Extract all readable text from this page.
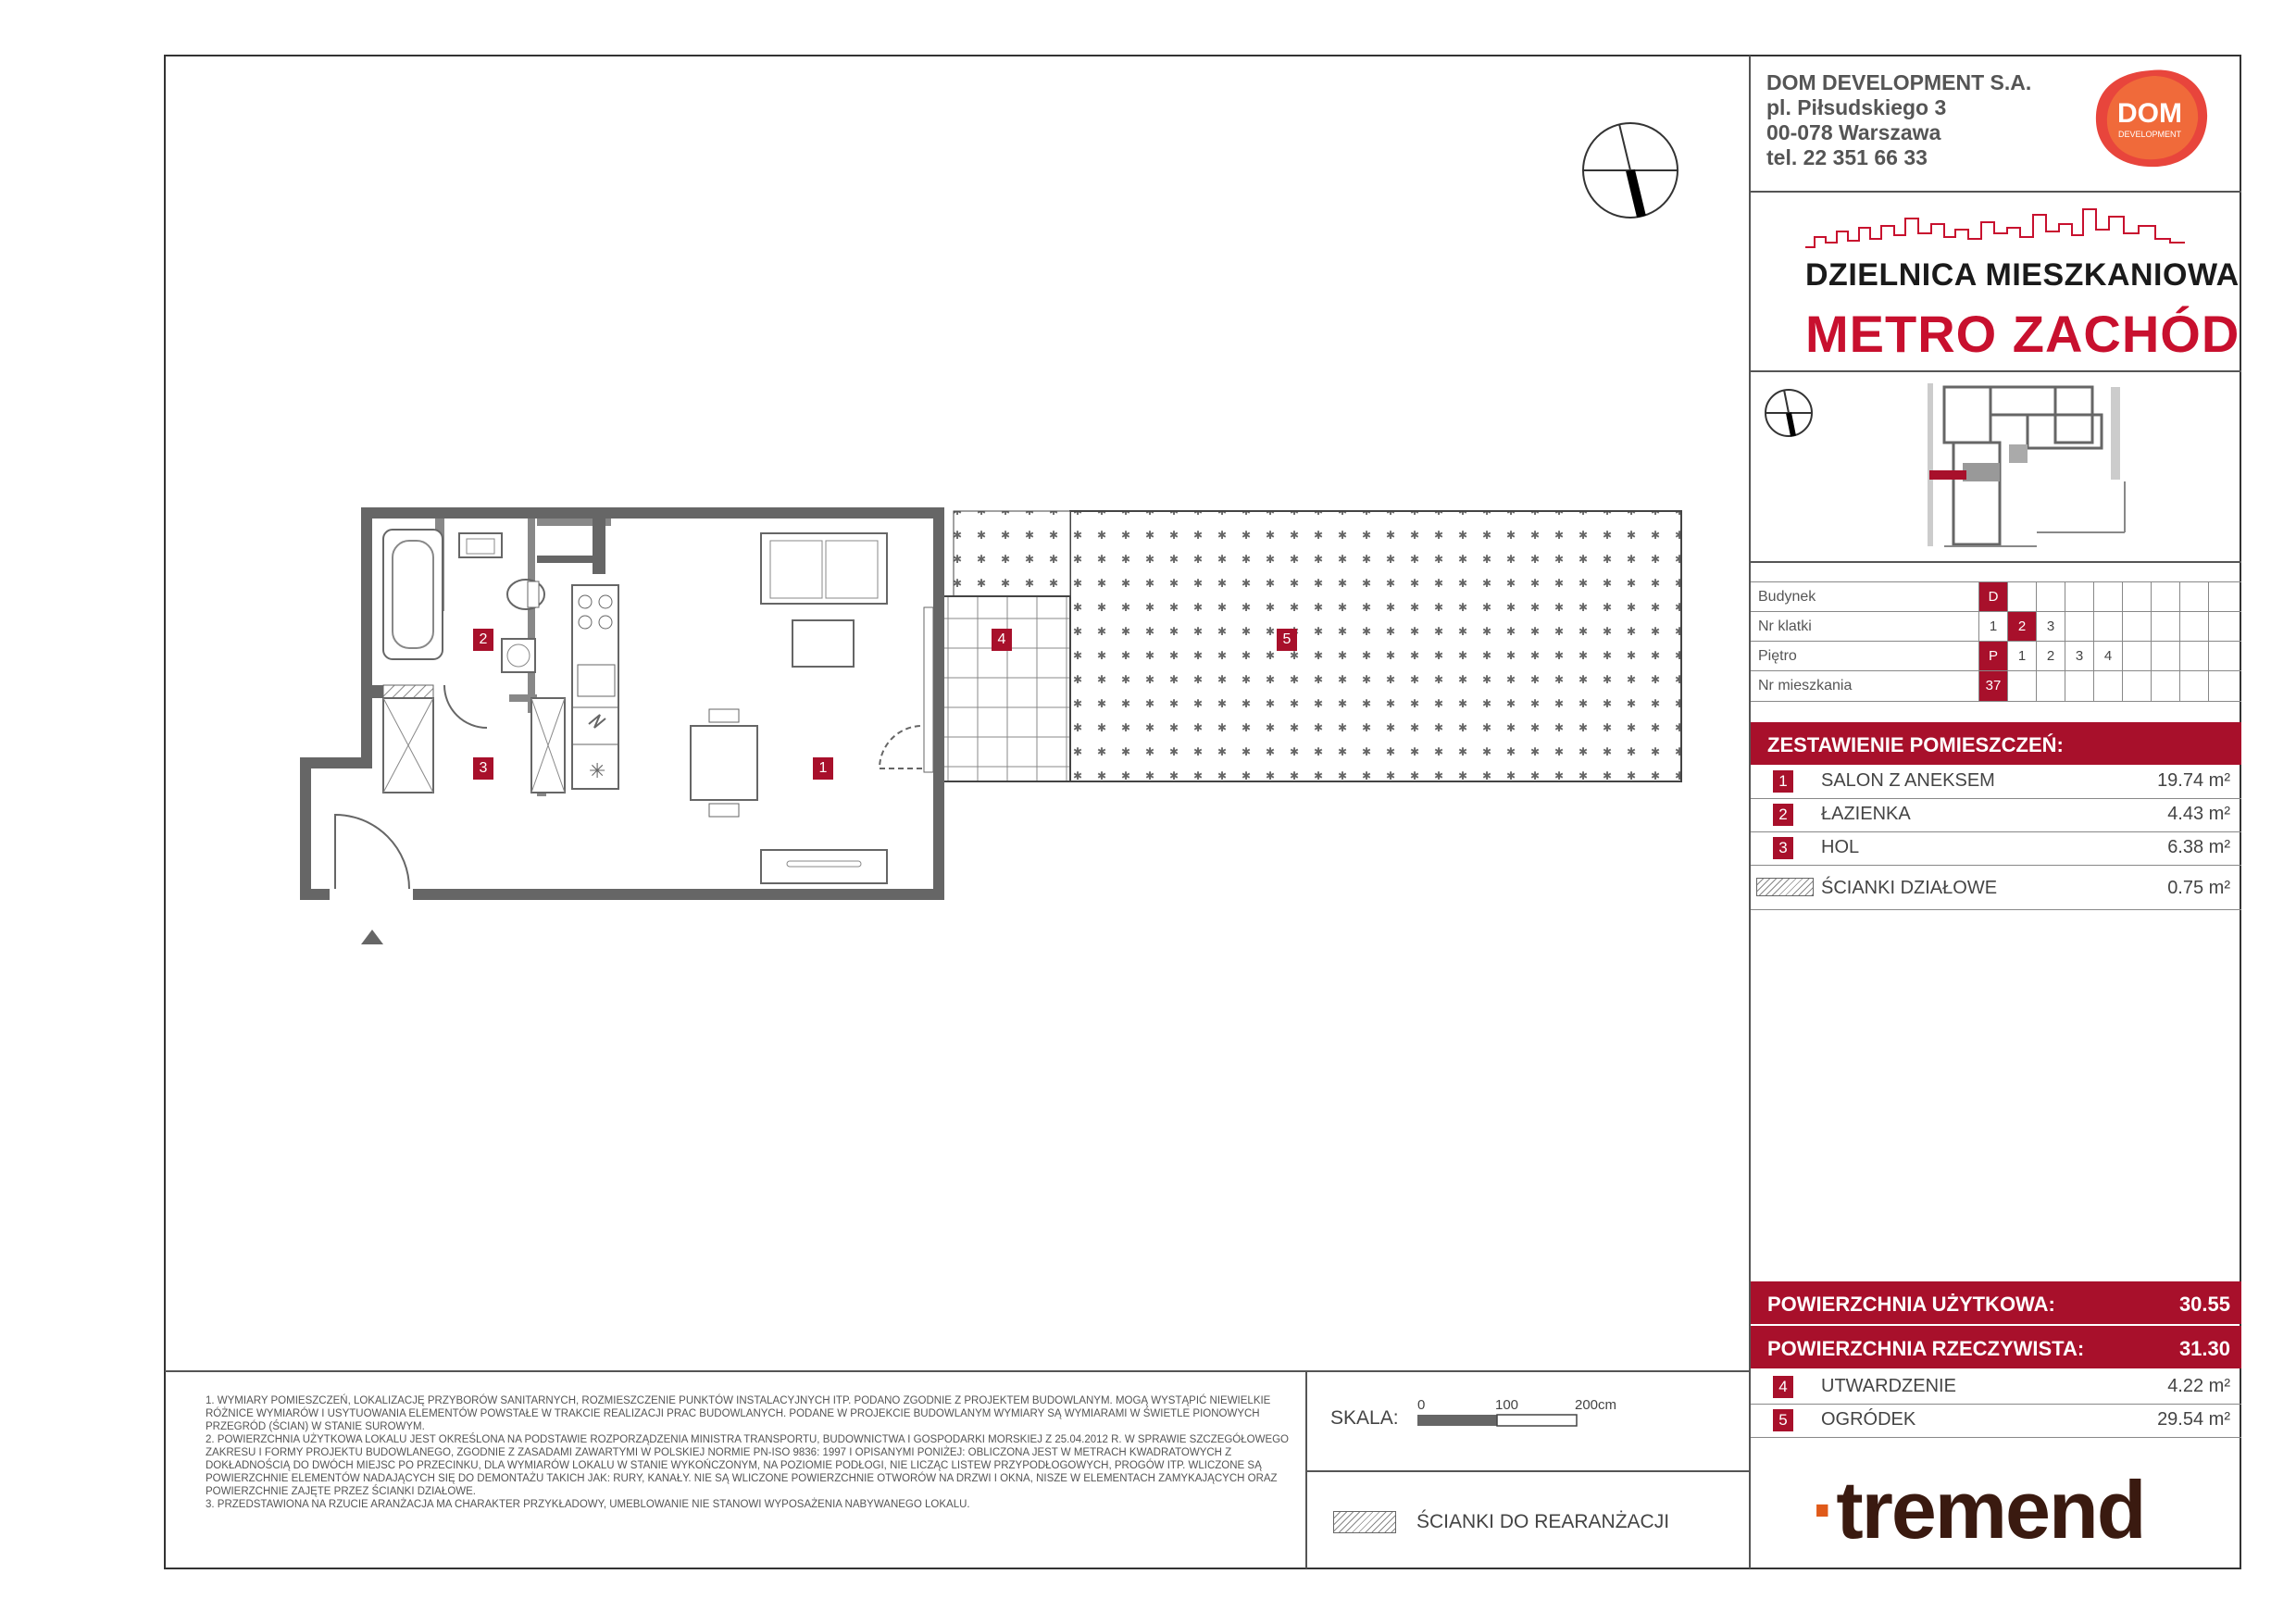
DOM DEVELOPMENT S.A.
pl. Piłsudskiego 3
00-078 Warszawa
tel. 22 351 66 33
DOM
DEVELOPMENT
DZIELNICA MIESZKANIOWA
METRO ZACHÓD
Budynek	D
Nr klatki	1	2	3
Piętro	P	1	2	3	4
Nr mieszkania	37
ZESTAWIENIE POMIESZCZEŃ:
1	SALON Z ANEKSEM	19.74 m²
2	ŁAZIENKA	4.43 m²
3	HOL	6.38 m²
ŚCIANKI DZIAŁOWE	0.75 m²
POWIERZCHNIA UŻYTKOWA:	30.55
POWIERZCHNIA RZECZYWISTA:	31.30
4	UTWARDZENIE	4.22 m²
5	OGRÓDEK	29.54 m²
·tremend

1. WYMIARY POMIESZCZEŃ, LOKALIZACJĘ PRZYBORÓW SANITARNYCH, ROZMIESZCZENIE PUNKTÓW INSTALACYJNYCH ITP. PODANO ZGODNIE Z PROJEKTEM BUDOWLANYM. MOGĄ WYSTĄPIĆ NIEWIELKIE RÓŻNICE WYMIARÓW I USYTUOWANIA ELEMENTÓW POWSTAŁE W TRAKCIE REALIZACJI PRAC BUDOWLANYCH. PODANE W PROJEKCIE BUDOWLANYM WYMIARY SĄ WYMIARAMI W ŚWIETLE PIONOWYCH PRZEGRÓD (ŚCIAN) W STANIE SUROWYM.

2. POWIERZCHNIA UŻYTKOWA LOKALU JEST OKREŚLONA NA PODSTAWIE ROZPORZĄDZENIA MINISTRA TRANSPORTU, BUDOWNICTWA I GOSPODARKI MORSKIEJ Z 25.04.2012 R. W SPRAWIE SZCZEGÓŁOWEGO ZAKRESU I FORMY PROJEKTU BUDOWLANEGO, ZGODNIE Z ZASADAMI ZAWARTYMI W POLSKIEJ NORMIE PN-ISO 9836: 1997 I OPISANYMI PONIŻEJ: OBLICZONA JEST W METRACH KWADRATOWYCH Z DOKŁADNOŚCIĄ DO DWÓCH MIEJSC PO PRZECINKU, DLA WYMIARÓW LOKALU W STANIE WYKOŃCZONYM, NA POZIOMIE PODŁOGI, NIE LICZĄC LISTEW PRZYPODŁOGOWYCH, PROGÓW ITP. WLICZONE SĄ POWIERZCHNIE ELEMENTÓW NADAJĄCYCH SIĘ DO DEMONTAŻU TAKICH JAK: RURY, KANAŁY. NIE SĄ WLICZONE POWIERZCHNIE OTWORÓW NA DRZWI I OKNA, NISZE W ELEMENTACH ZAMYKAJĄCYCH ORAZ POWIERZCHNIE ZAJĘTE PRZEZ ŚCIANKI DZIAŁOWE.

3. PRZEDSTAWIONA NA RZUCIE ARANŻACJA MA CHARAKTER PRZYKŁADOWY, UMEBLOWANIE NIE STANOWI WYPOSAŻENIA NABYWANEGO LOKALU.

SKALA:
0	100	200cm
ŚCIANKI DO REARANŻACJI
✳	1
2
3
4	5
